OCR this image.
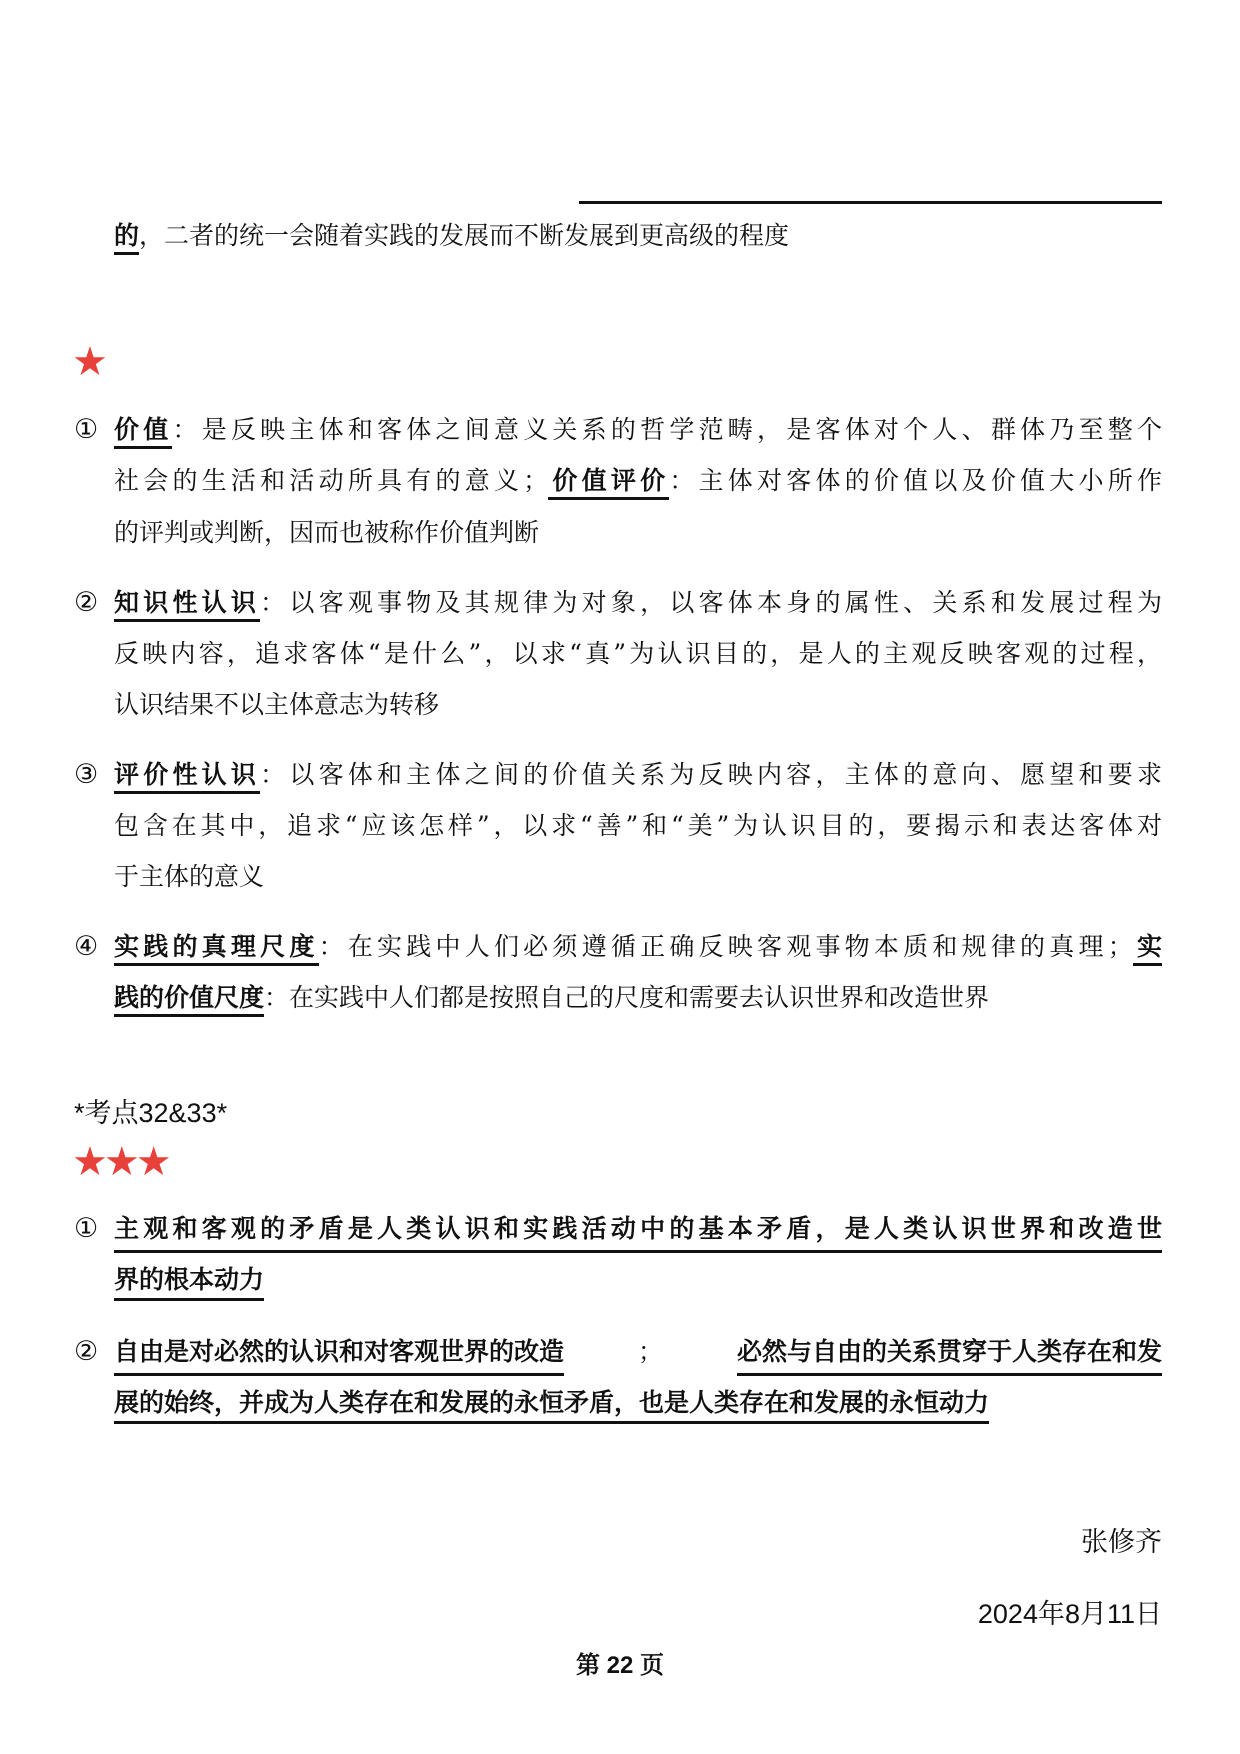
的，二者的统一会随着实践的发展而不断发展到更高级的程度
★
① 价值：是反映主体和客体之间意义关系的哲学范畴，是客体对个人、群体乃至整个
社会的生活和活动所具有的意义；价值评价：主体对客体的价值以及价值大小所作
的评判或判断，因而也被称作价值判断
② 知识性认识：以客观事物及其规律为对象，以客体本身的属性、关系和发展过程为
反映内容，追求客体“是什么”，以求“真”为认识目的，是人的主观反映客观的过程，
认识结果不以主体意志为转移
③ 评价性认识：以客体和主体之间的价值关系为反映内容，主体的意向、愿望和要求
包含在其中，追求“应该怎样”，以求“善”和“美”为认识目的，要揭示和表达客体对
于主体的意义
④ 实践的真理尺度：在实践中人们必须遵循正确反映客观事物本质和规律的真理；实
践的价值尺度：在实践中人们都是按照自己的尺度和需要去认识世界和改造世界
*考点32&33*
★★★
① 主观和客观的矛盾是人类认识和实践活动中的基本矛盾，是人类认识世界和改造世
界的根本动力
② 自由是对必然的认识和对客观世界的改造	；	必然与自由的关系贯穿于人类存在和发
展的始终，并成为人类存在和发展的永恒矛盾，也是人类存在和发展的永恒动力
张修齐
2024年8月11日
第 22 页
